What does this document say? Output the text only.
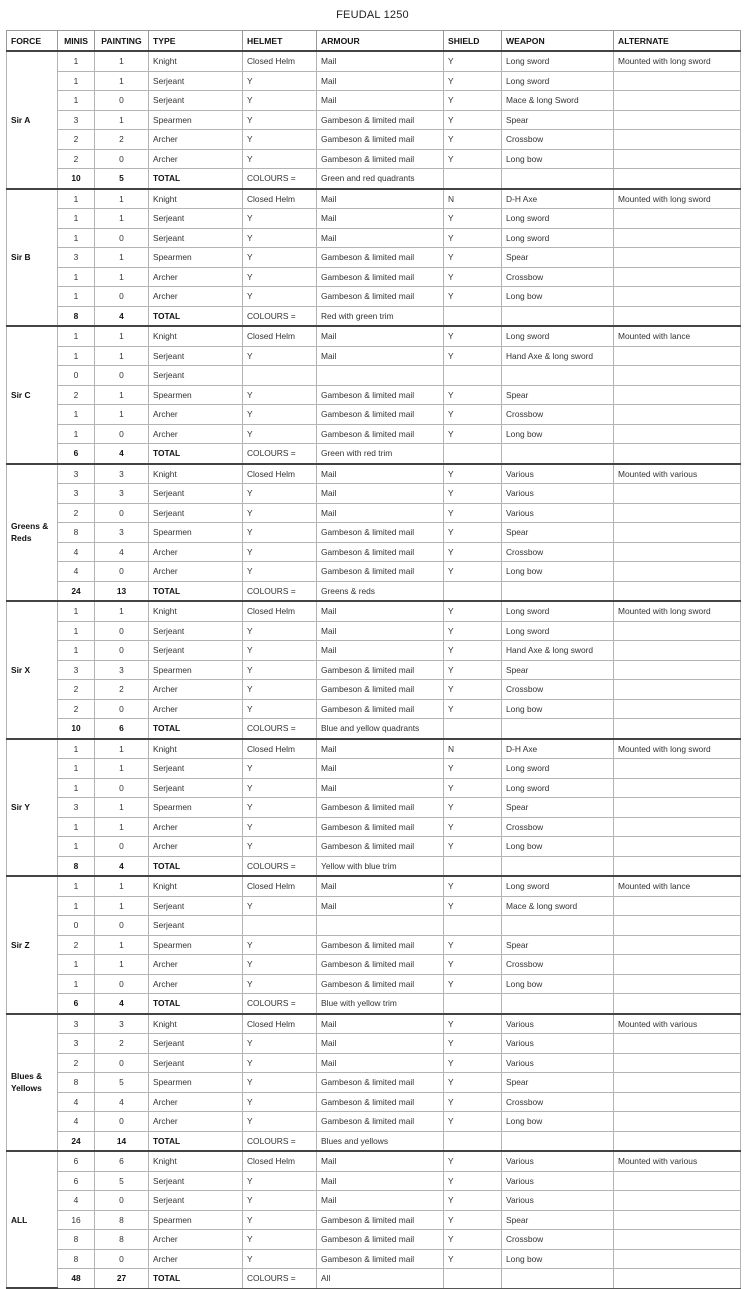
FEUDAL 1250
FORCE	MINIS	PAINTING	TYPE	HELMET	ARMOUR	SHIELD	WEAPON	ALTERNATE
Sir A	1	1	Knight	Closed Helm	Mail	Y	Long sword	Mounted with long sword
	1	1	Serjeant	Y	Mail	Y	Long sword	
	1	0	Serjeant	Y	Mail	Y	Mace & long Sword	
	3	1	Spearmen	Y	Gambeson & limited mail	Y	Spear	
	2	2	Archer	Y	Gambeson & limited mail	Y	Crossbow	
	2	0	Archer	Y	Gambeson & limited mail	Y	Long bow	
	10	5	TOTAL	COLOURS =	Green and red quadrants			
Sir B	1	1	Knight	Closed Helm	Mail	N	D-H Axe	Mounted with long sword
	1	1	Serjeant	Y	Mail	Y	Long sword	
	1	0	Serjeant	Y	Mail	Y	Long sword	
	3	1	Spearmen	Y	Gambeson & limited mail	Y	Spear	
	1	1	Archer	Y	Gambeson & limited mail	Y	Crossbow	
	1	0	Archer	Y	Gambeson & limited mail	Y	Long bow	
	8	4	TOTAL	COLOURS =	Red with green trim			
Sir C	1	1	Knight	Closed Helm	Mail	Y	Long sword	Mounted with lance
	1	1	Serjeant	Y	Mail	Y	Hand Axe & long sword	
	0	0	Serjeant					
	2	1	Spearmen	Y	Gambeson & limited mail	Y	Spear	
	1	1	Archer	Y	Gambeson & limited mail	Y	Crossbow	
	1	0	Archer	Y	Gambeson & limited mail	Y	Long bow	
	6	4	TOTAL	COLOURS =	Green with red trim			
Greens & Reds	3	3	Knight	Closed Helm	Mail	Y	Various	Mounted with various
	3	3	Serjeant	Y	Mail	Y	Various	
	2	0	Serjeant	Y	Mail	Y	Various	
	8	3	Spearmen	Y	Gambeson & limited mail	Y	Spear	
	4	4	Archer	Y	Gambeson & limited mail	Y	Crossbow	
	4	0	Archer	Y	Gambeson & limited mail	Y	Long bow	
	24	13	TOTAL	COLOURS =	Greens & reds			
Sir X	1	1	Knight	Closed Helm	Mail	Y	Long sword	Mounted with long sword
	1	0	Serjeant	Y	Mail	Y	Long sword	
	1	0	Serjeant	Y	Mail	Y	Hand Axe & long sword	
	3	3	Spearmen	Y	Gambeson & limited mail	Y	Spear	
	2	2	Archer	Y	Gambeson & limited mail	Y	Crossbow	
	2	0	Archer	Y	Gambeson & limited mail	Y	Long bow	
	10	6	TOTAL	COLOURS =	Blue and yellow quadrants			
Sir Y	1	1	Knight	Closed Helm	Mail	N	D-H Axe	Mounted with long sword
	1	1	Serjeant	Y	Mail	Y	Long sword	
	1	0	Serjeant	Y	Mail	Y	Long sword	
	3	1	Spearmen	Y	Gambeson & limited mail	Y	Spear	
	1	1	Archer	Y	Gambeson & limited mail	Y	Crossbow	
	1	0	Archer	Y	Gambeson & limited mail	Y	Long bow	
	8	4	TOTAL	COLOURS =	Yellow with blue trim			
Sir Z	1	1	Knight	Closed Helm	Mail	Y	Long sword	Mounted with lance
	1	1	Serjeant	Y	Mail	Y	Mace & long sword	
	0	0	Serjeant					
	2	1	Spearmen	Y	Gambeson & limited mail	Y	Spear	
	1	1	Archer	Y	Gambeson & limited mail	Y	Crossbow	
	1	0	Archer	Y	Gambeson & limited mail	Y	Long bow	
	6	4	TOTAL	COLOURS =	Blue with yellow trim			
Blues & Yellows	3	3	Knight	Closed Helm	Mail	Y	Various	Mounted with various
	3	2	Serjeant	Y	Mail	Y	Various	
	2	0	Serjeant	Y	Mail	Y	Various	
	8	5	Spearmen	Y	Gambeson & limited mail	Y	Spear	
	4	4	Archer	Y	Gambeson & limited mail	Y	Crossbow	
	4	0	Archer	Y	Gambeson & limited mail	Y	Long bow	
	24	14	TOTAL	COLOURS =	Blues and yellows			
ALL	6	6	Knight	Closed Helm	Mail	Y	Various	Mounted with various
	6	5	Serjeant	Y	Mail	Y	Various	
	4	0	Serjeant	Y	Mail	Y	Various	
	16	8	Spearmen	Y	Gambeson & limited mail	Y	Spear	
	8	8	Archer	Y	Gambeson & limited mail	Y	Crossbow	
	8	0	Archer	Y	Gambeson & limited mail	Y	Long bow	
	48	27	TOTAL	COLOURS =	All			
